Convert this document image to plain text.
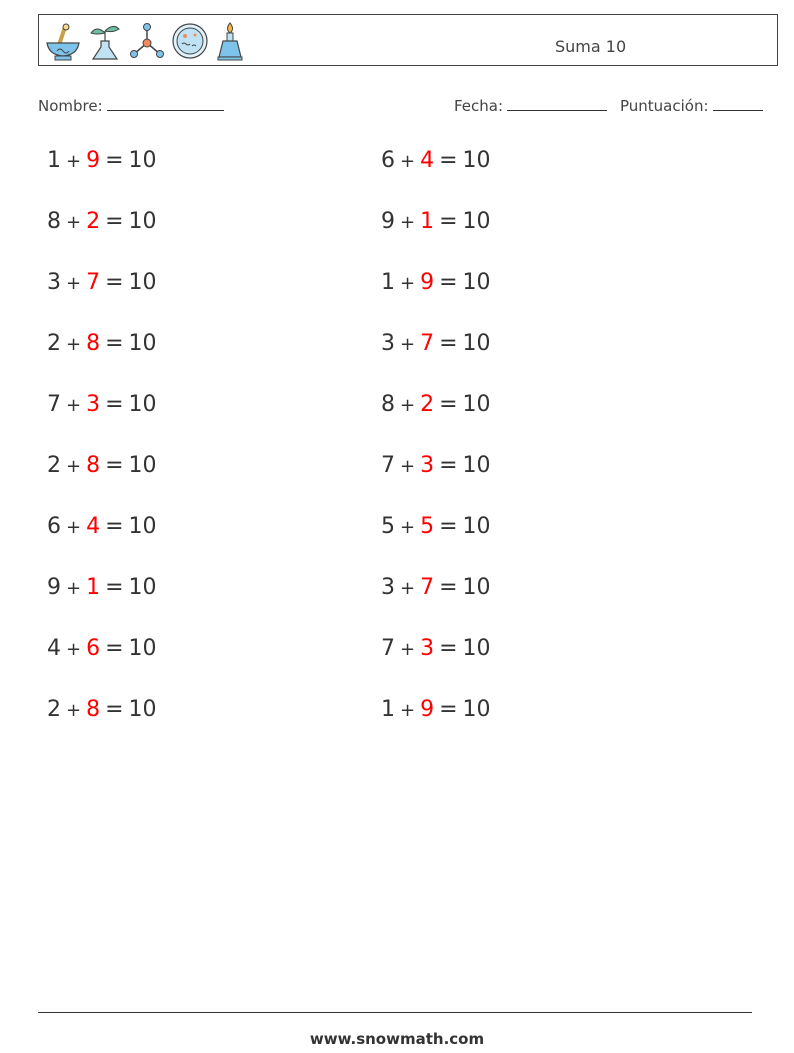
Suma 10
Nombre:	Fecha:	Puntuación:
1 + 9 = 10
8 + 2 = 10
3 + 7 = 10
2 + 8 = 10
7 + 3 = 10
2 + 8 = 10
6 + 4 = 10
9 + 1 = 10
4 + 6 = 10
2 + 8 = 10
6 + 4 = 10
9 + 1 = 10
1 + 9 = 10
3 + 7 = 10
8 + 2 = 10
7 + 3 = 10
5 + 5 = 10
3 + 7 = 10
7 + 3 = 10
1 + 9 = 10
www.snowmath.com
